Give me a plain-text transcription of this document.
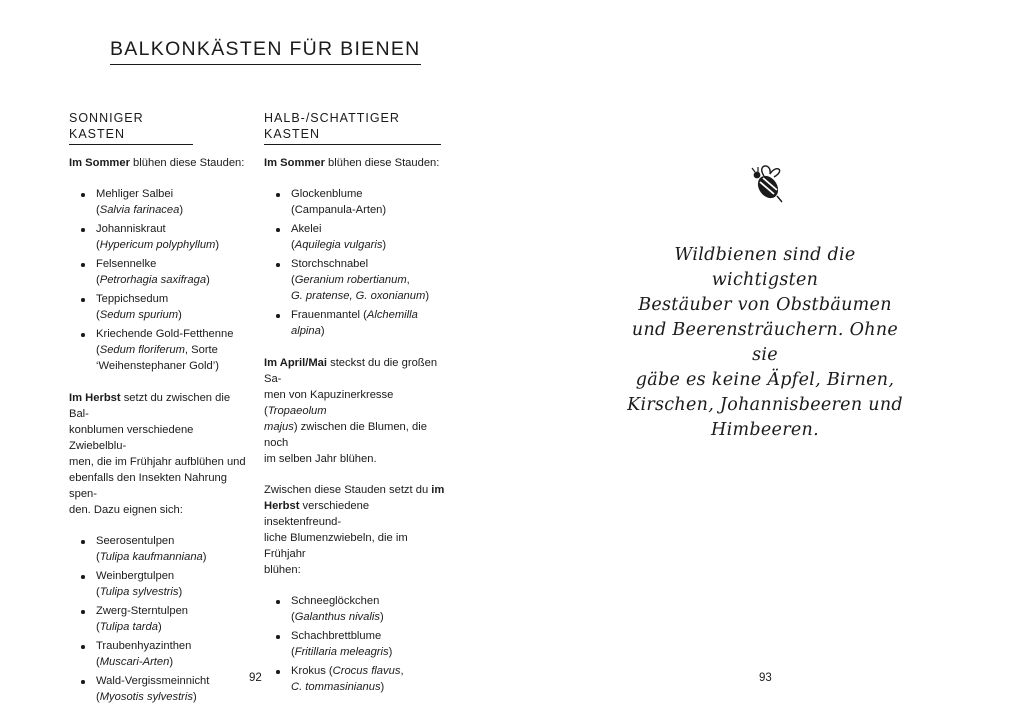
BALKONKÄSTEN FÜR BIENEN
SONNIGER KASTEN

Im Sommer blühen diese Stauden:

Mehliger Salbei
(Salvia farinacea)
Johanniskraut
(Hypericum polyphyllum)
Felsennelke
(Petrorhagia saxifraga)
Teppichsedum
(Sedum spurium)
Kriechende Gold-Fetthenne
(Sedum floriferum, Sorte
‘Weihenstephaner Gold’)

Im Herbst setzt du zwischen die Bal-
konblumen verschiedene Zwiebelblu-
men, die im Frühjahr aufblühen und
ebenfalls den Insekten Nahrung spen-
den. Dazu eignen sich:

Seerosentulpen
(Tulipa kaufmanniana)
Weinbergtulpen
(Tulipa sylvestris)
Zwerg-Sterntulpen
(Tulipa tarda)
Traubenhyazinthen
(Muscari-Arten)
Wald-Vergissmeinnicht
(Myosotis sylvestris)
HALB-/SCHATTIGER KASTEN

Im Sommer blühen diese Stauden:

Glockenblume
(Campanula-Arten)
Akelei
(Aquilegia vulgaris)
Storchschnabel
(Geranium robertianum,
G. pratense, G. oxonianum)
Frauenmantel (Alchemilla alpina)

Im April/Mai steckst du die großen Sa-
men von Kapuzinerkresse (Tropaeolum
majus) zwischen die Blumen, die noch
im selben Jahr blühen.

Zwischen diese Stauden setzt du im
Herbst verschiedene insektenfreund-
liche Blumenzwiebeln, die im Frühjahr
blühen:

Schneeglöckchen
(Galanthus nivalis)
Schachbrettblume
(Fritillaria meleagris)
Krokus (Crocus flavus,
C. tommasinianus)
92
Wildbienen sind die wichtigsten
Bestäuber von Obstbäumen
und Beerensträuchern. Ohne sie
gäbe es keine Äpfel, Birnen,
Kirschen, Johannisbeeren und
Himbeeren.
93
